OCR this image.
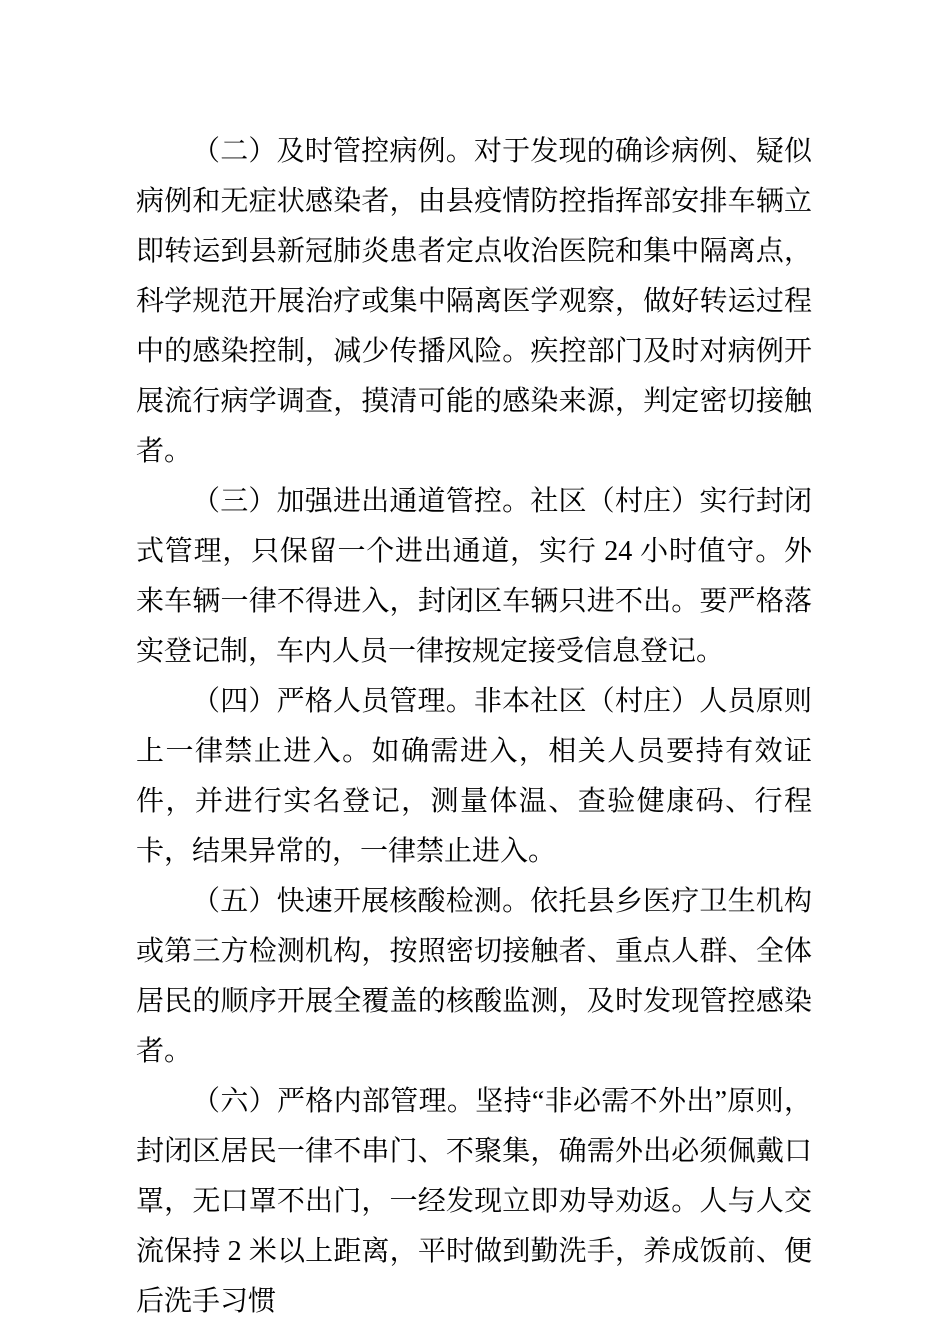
（二）及时管控病例。对于发现的确诊病例、疑似病例和无症状感染者，由县疫情防控指挥部安排车辆立即转运到县新冠肺炎患者定点收治医院和集中隔离点，科学规范开展治疗或集中隔离医学观察，做好转运过程中的感染控制，减少传播风险。疾控部门及时对病例开展流行病学调查，摸清可能的感染来源，判定密切接触者。

（三）加强进出通道管控。社区（村庄）实行封闭式管理，只保留一个进出通道，实行 24 小时值守。外来车辆一律不得进入，封闭区车辆只进不出。要严格落实登记制，车内人员一律按规定接受信息登记。

（四）严格人员管理。非本社区（村庄）人员原则上一律禁止进入。如确需进入，相关人员要持有效证件，并进行实名登记，测量体温、查验健康码、行程卡，结果异常的，一律禁止进入。

（五）快速开展核酸检测。依托县乡医疗卫生机构或第三方检测机构，按照密切接触者、重点人群、全体居民的顺序开展全覆盖的核酸监测，及时发现管控感染者。

（六）严格内部管理。坚持“非必需不外出”原则，封闭区居民一律不串门、不聚集，确需外出必须佩戴口罩，无口罩不出门，一经发现立即劝导劝返。人与人交流保持 2 米以上距离，平时做到勤洗手，养成饭前、便后洗手习惯
